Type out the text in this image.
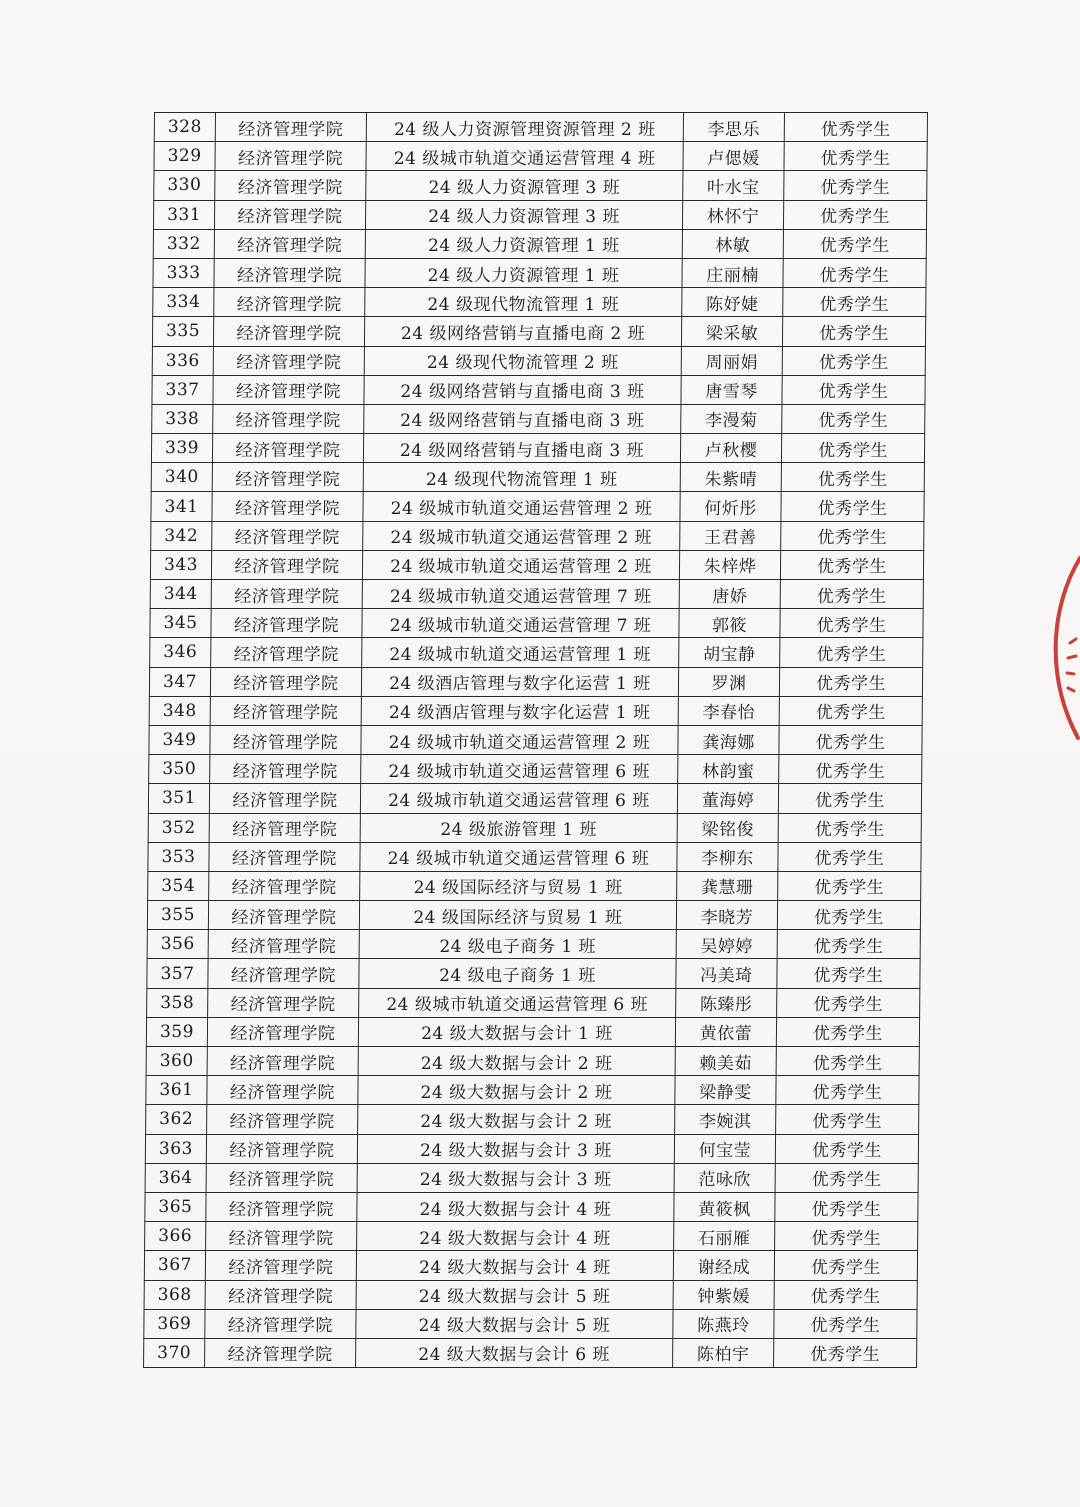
328	经济管理学院	24 级人力资源管理资源管理 2 班	李思乐	优秀学生
329	经济管理学院	24 级城市轨道交通运营管理 4 班	卢偲媛	优秀学生
330	经济管理学院	24 级人力资源管理 3 班	叶水宝	优秀学生
331	经济管理学院	24 级人力资源管理 3 班	林怀宁	优秀学生
332	经济管理学院	24 级人力资源管理 1 班	林敏	优秀学生
333	经济管理学院	24 级人力资源管理 1 班	庄丽楠	优秀学生
334	经济管理学院	24 级现代物流管理 1 班	陈妤婕	优秀学生
335	经济管理学院	24 级网络营销与直播电商 2 班	梁采敏	优秀学生
336	经济管理学院	24 级现代物流管理 2 班	周丽娟	优秀学生
337	经济管理学院	24 级网络营销与直播电商 3 班	唐雪琴	优秀学生
338	经济管理学院	24 级网络营销与直播电商 3 班	李漫菊	优秀学生
339	经济管理学院	24 级网络营销与直播电商 3 班	卢秋樱	优秀学生
340	经济管理学院	24 级现代物流管理 1 班	朱紫晴	优秀学生
341	经济管理学院	24 级城市轨道交通运营管理 2 班	何炘彤	优秀学生
342	经济管理学院	24 级城市轨道交通运营管理 2 班	王君善	优秀学生
343	经济管理学院	24 级城市轨道交通运营管理 2 班	朱梓烨	优秀学生
344	经济管理学院	24 级城市轨道交通运营管理 7 班	唐娇	优秀学生
345	经济管理学院	24 级城市轨道交通运营管理 7 班	郭筱	优秀学生
346	经济管理学院	24 级城市轨道交通运营管理 1 班	胡宝静	优秀学生
347	经济管理学院	24 级酒店管理与数字化运营 1 班	罗渊	优秀学生
348	经济管理学院	24 级酒店管理与数字化运营 1 班	李春怡	优秀学生
349	经济管理学院	24 级城市轨道交通运营管理 2 班	龚海娜	优秀学生
350	经济管理学院	24 级城市轨道交通运营管理 6 班	林韵蜜	优秀学生
351	经济管理学院	24 级城市轨道交通运营管理 6 班	董海婷	优秀学生
352	经济管理学院	24 级旅游管理 1 班	梁铭俊	优秀学生
353	经济管理学院	24 级城市轨道交通运营管理 6 班	李柳东	优秀学生
354	经济管理学院	24 级国际经济与贸易 1 班	龚慧珊	优秀学生
355	经济管理学院	24 级国际经济与贸易 1 班	李晓芳	优秀学生
356	经济管理学院	24 级电子商务 1 班	吴婷婷	优秀学生
357	经济管理学院	24 级电子商务 1 班	冯美琦	优秀学生
358	经济管理学院	24 级城市轨道交通运营管理 6 班	陈臻彤	优秀学生
359	经济管理学院	24 级大数据与会计 1 班	黄依蕾	优秀学生
360	经济管理学院	24 级大数据与会计 2 班	赖美茹	优秀学生
361	经济管理学院	24 级大数据与会计 2 班	梁静雯	优秀学生
362	经济管理学院	24 级大数据与会计 2 班	李婉淇	优秀学生
363	经济管理学院	24 级大数据与会计 3 班	何宝莹	优秀学生
364	经济管理学院	24 级大数据与会计 3 班	范咏欣	优秀学生
365	经济管理学院	24 级大数据与会计 4 班	黄筱枫	优秀学生
366	经济管理学院	24 级大数据与会计 4 班	石丽雁	优秀学生
367	经济管理学院	24 级大数据与会计 4 班	谢经成	优秀学生
368	经济管理学院	24 级大数据与会计 5 班	钟紫媛	优秀学生
369	经济管理学院	24 级大数据与会计 5 班	陈燕玲	优秀学生
370	经济管理学院	24 级大数据与会计 6 班	陈柏宇	优秀学生
